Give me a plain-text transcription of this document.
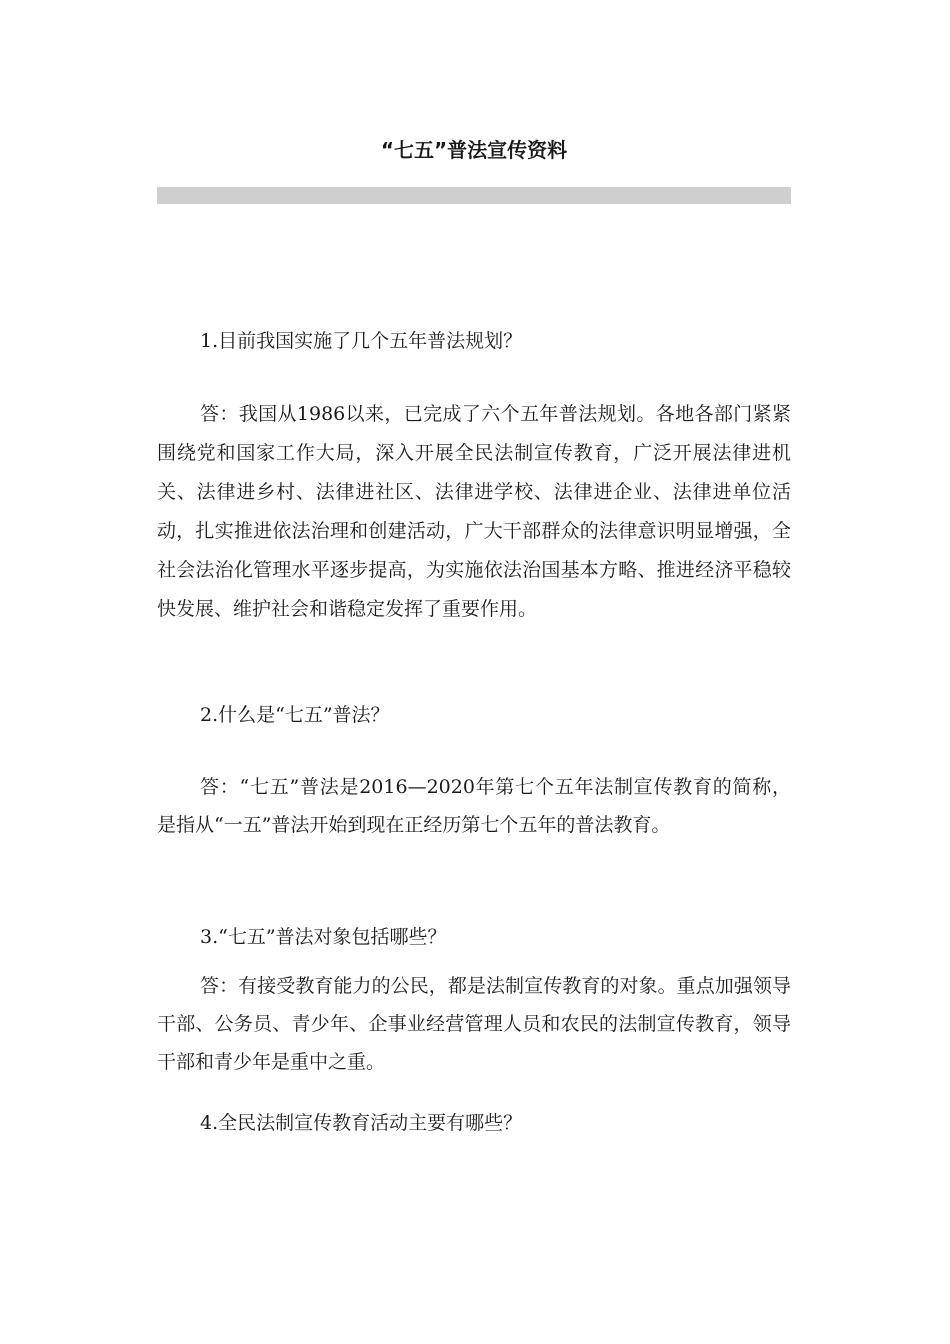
“七五”普法宣传资料

1.目前我国实施了几个五年普法规划？

答：我国从1986以来，已完成了六个五年普法规划。各地各部门紧紧围绕党和国家工作大局，深入开展全民法制宣传教育，广泛开展法律进机关、法律进乡村、法律进社区、法律进学校、法律进企业、法律进单位活动，扎实推进依法治理和创建活动，广大干部群众的法律意识明显增强，全社会法治化管理水平逐步提高，为实施依法治国基本方略、推进经济平稳较快发展、维护社会和谐稳定发挥了重要作用。

2.什么是“七五”普法？

答：“七五”普法是2016—2020年第七个五年法制宣传教育的简称，是指从“一五”普法开始到现在正经历第七个五年的普法教育。

3.“七五”普法对象包括哪些？

答：有接受教育能力的公民，都是法制宣传教育的对象。重点加强领导干部、公务员、青少年、企事业经营管理人员和农民的法制宣传教育，领导干部和青少年是重中之重。

4.全民法制宣传教育活动主要有哪些？
